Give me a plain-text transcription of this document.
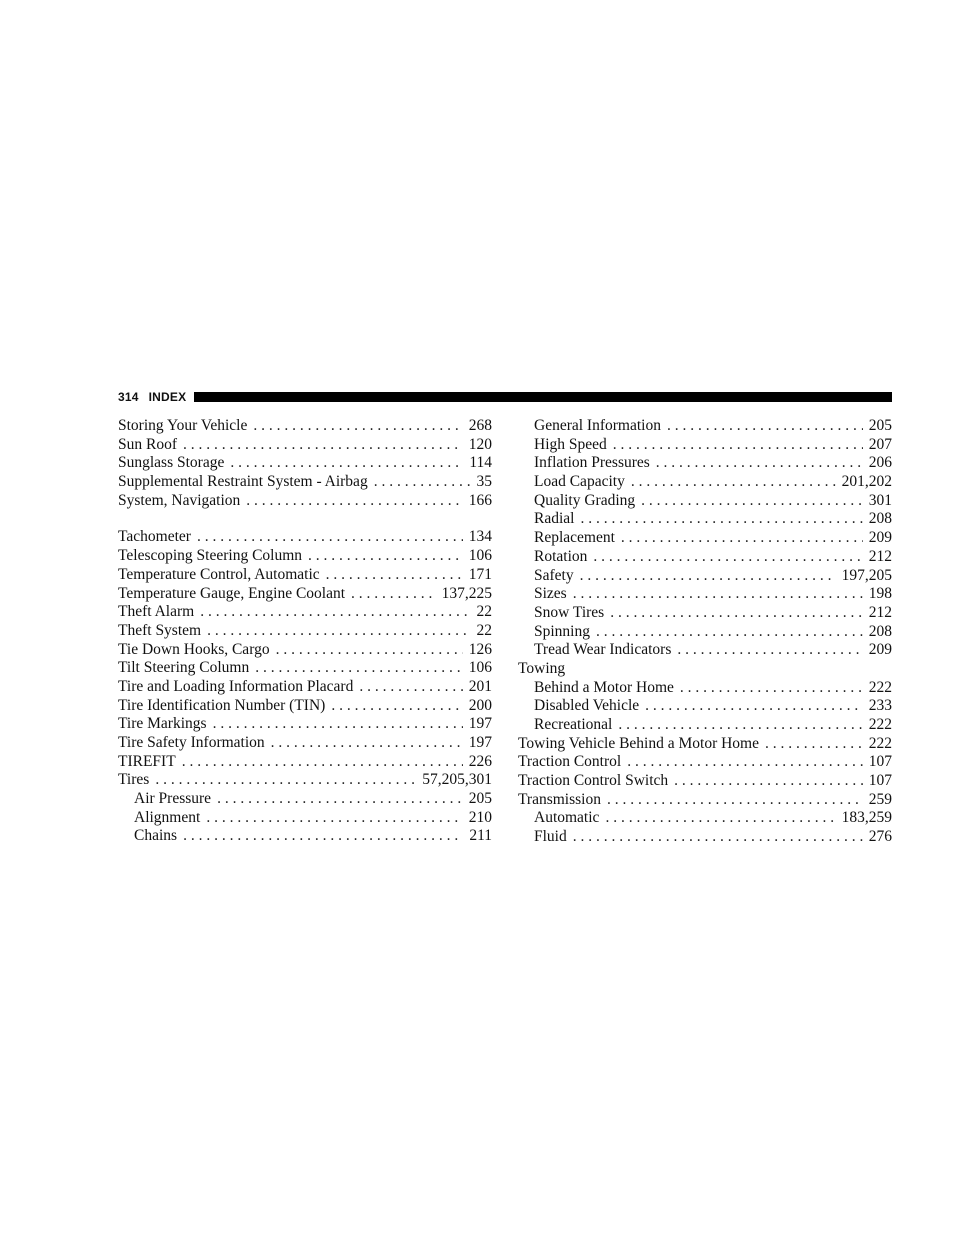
314 INDEX
Storing Your Vehicle . . .	268
Sun Roof . . .	120
Sunglass Storage . . .	114
Supplemental Restraint System - Airbag . . .	35
System, Navigation . . .	166
Tachometer . . .	134
Telescoping Steering Column . . .	106
Temperature Control, Automatic . . .	171
Temperature Gauge, Engine Coolant . . .	137,225
Theft Alarm . . .	22
Theft System . . .	22
Tie Down Hooks, Cargo . . .	126
Tilt Steering Column . . .	106
Tire and Loading Information Placard . . .	201
Tire Identification Number (TIN) . . .	200
Tire Markings . . .	197
Tire Safety Information . . .	197
TIREFIT . . .	226
Tires . . .	57,205,301
Air Pressure . . .	205
Alignment . . .	210
Chains . . .	211
General Information . . .	205
High Speed . . .	207
Inflation Pressures . . .	206
Load Capacity . . .	201,202
Quality Grading . . .	301
Radial . . .	208
Replacement . . .	209
Rotation . . .	212
Safety . . .	197,205
Sizes . . .	198
Snow Tires . . .	212
Spinning . . .	208
Tread Wear Indicators . . .	209
Towing
Behind a Motor Home . . .	222
Disabled Vehicle . . .	233
Recreational . . .	222
Towing Vehicle Behind a Motor Home . . .	222
Traction Control . . .	107
Traction Control Switch . . .	107
Transmission . . .	259
Automatic . . .	183,259
Fluid . . .	276
